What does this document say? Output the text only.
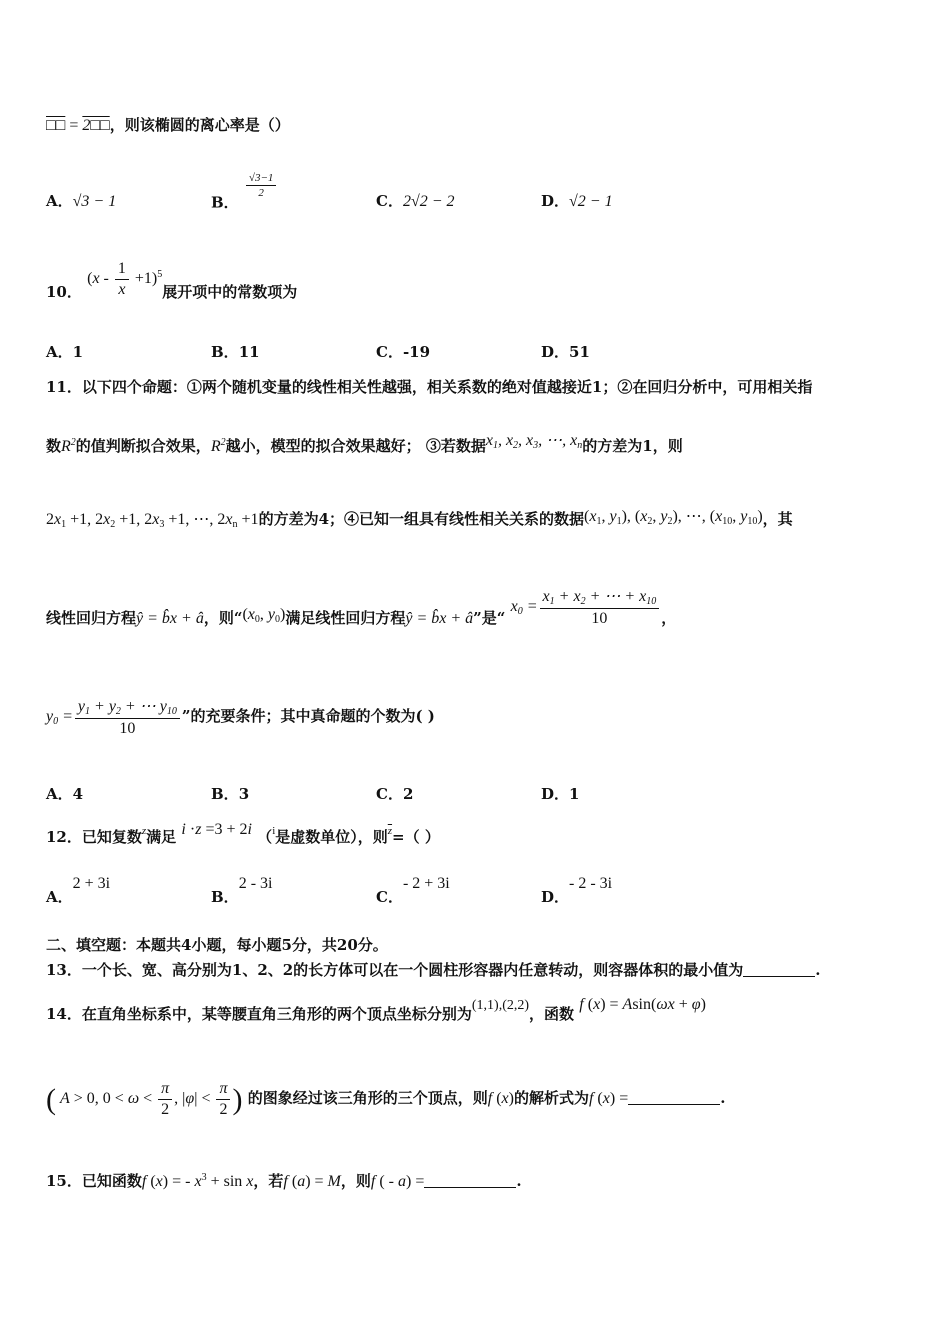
□□ = 2□□，则该椭圆的离心率是（）
A．√3 − 1	B．
$\frac{√3-1}{2}$
C．2√2 − 2	D．√2 − 1
10． $(x - \frac{1}{x} +1)^5$展开项中的常数项为
A．1	B．11	C．-19	D．51
11．以下四个命题：①两个随机变量的线性相关性越强，相关系数的绝对值越接近1；②在回归分析中，可用相关指
数$R^2$的值判断拟合效果，$R^2$越小，模型的拟合效果越好； ③若数据$x_1$, $x_2$, $x_3$, ⋯, $x_n$的方差为1，则
$2x_1 +1$, $2x_2 +1$, $2x_3 +1$, ⋯, $2x_n +1$的方差为4；④已知一组具有线性相关关系的数据($x_1$, $y_1$), ($x_2$, $y_2$), ⋯, ($x_{10}$, $y_{10}$)，其
线性回归方程ŷ = b̂x + â，则“($x_0$, $y_0$)满足线性回归方程ŷ = b̂x + â”是“ $x_0 = \frac{x_1 + x_2 + \cdots + x_{10}}{10}$ ，
$y_0 = \frac{y_1 + y_2 + \cdots y_{10}}{10}$ ”的充要条件；其中真命题的个数为( )
A．4	B．3	C．2	D．1
12．已知复数z满足 i ·z =3 + 2i （i是虚数单位），则$\overline{z}=$（ ）
A．2 + 3i
B．2 - 3i
C．- 2 + 3i
D．- 2 - 3i
二、填空题：本题共4小题，每小题5分，共20分。
13．一个长、宽、高分别为1、2、2的长方体可以在一个圆柱形容器内任意转动，则容器体积的最小值为	.
14．在直角坐标系中，某等腰直角三角形的两个顶点坐标分别为(1,1),(2,2)，函数 f (x) = Asin(ωx + φ)
( A > 0, $0 < \omega < \frac{\pi}{2}$ , $|\varphi| < \frac{\pi}{2}$ ) 的图象经过该三角形的三个顶点，则f (x)的解析式为f (x) =	.
15．已知函数f (x) = - $x^3 + \sin x$，若f (a) = M，则f ( - a) =	.
